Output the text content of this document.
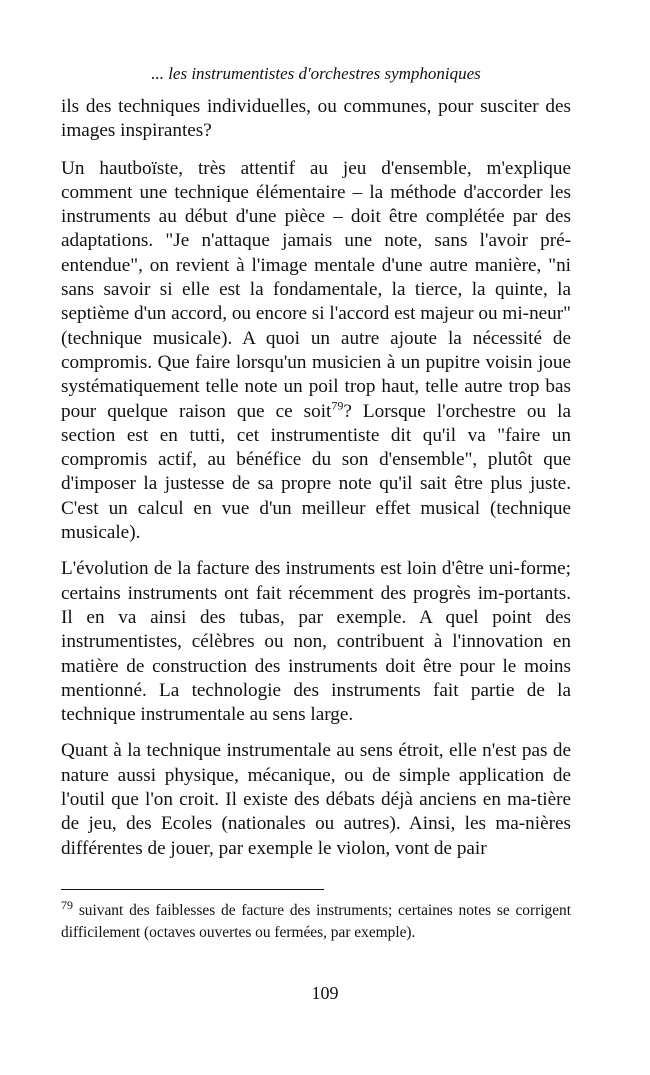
... les instrumentistes d'orchestres symphoniques

ils des techniques individuelles, ou communes, pour susciter des images inspirantes?

Un hautboïste, très attentif au jeu d'ensemble, m'explique comment une technique élémentaire – la méthode d'accorder les instruments au début d'une pièce – doit être complétée par des adaptations. "Je n'attaque jamais une note, sans l'avoir pré-entendue", on revient à l'image mentale d'une autre manière, "ni sans savoir si elle est la fondamentale, la tierce, la quinte, la septième d'un accord, ou encore si l'accord est majeur ou mi-neur" (technique musicale). A quoi un autre ajoute la nécessité de compromis. Que faire lorsqu'un musicien à un pupitre voisin joue systématiquement telle note un poil trop haut, telle autre trop bas pour quelque raison que ce soit$^{79}$? Lorsque l'orchestre ou la section est en tutti, cet instrumentiste dit qu'il va "faire un compromis actif, au bénéfice du son d'ensemble", plutôt que d'imposer la justesse de sa propre note qu'il sait être plus juste. C'est un calcul en vue d'un meilleur effet musical (technique musicale).

L'évolution de la facture des instruments est loin d'être uni-forme; certains instruments ont fait récemment des progrès im-portants. Il en va ainsi des tubas, par exemple. A quel point des instrumentistes, célèbres ou non, contribuent à l'innovation en matière de construction des instruments doit être pour le moins mentionné. La technologie des instruments fait partie de la technique instrumentale au sens large.

Quant à la technique instrumentale au sens étroit, elle n'est pas de nature aussi physique, mécanique, ou de simple application de l'outil que l'on croit. Il existe des débats déjà anciens en ma-tière de jeu, des Ecoles (nationales ou autres). Ainsi, les ma-nières différentes de jouer, par exemple le violon, vont de pair

$^{79}$ suivant des faiblesses de facture des instruments; certaines notes se corrigent difficilement (octaves ouvertes ou fermées, par exemple).
109
